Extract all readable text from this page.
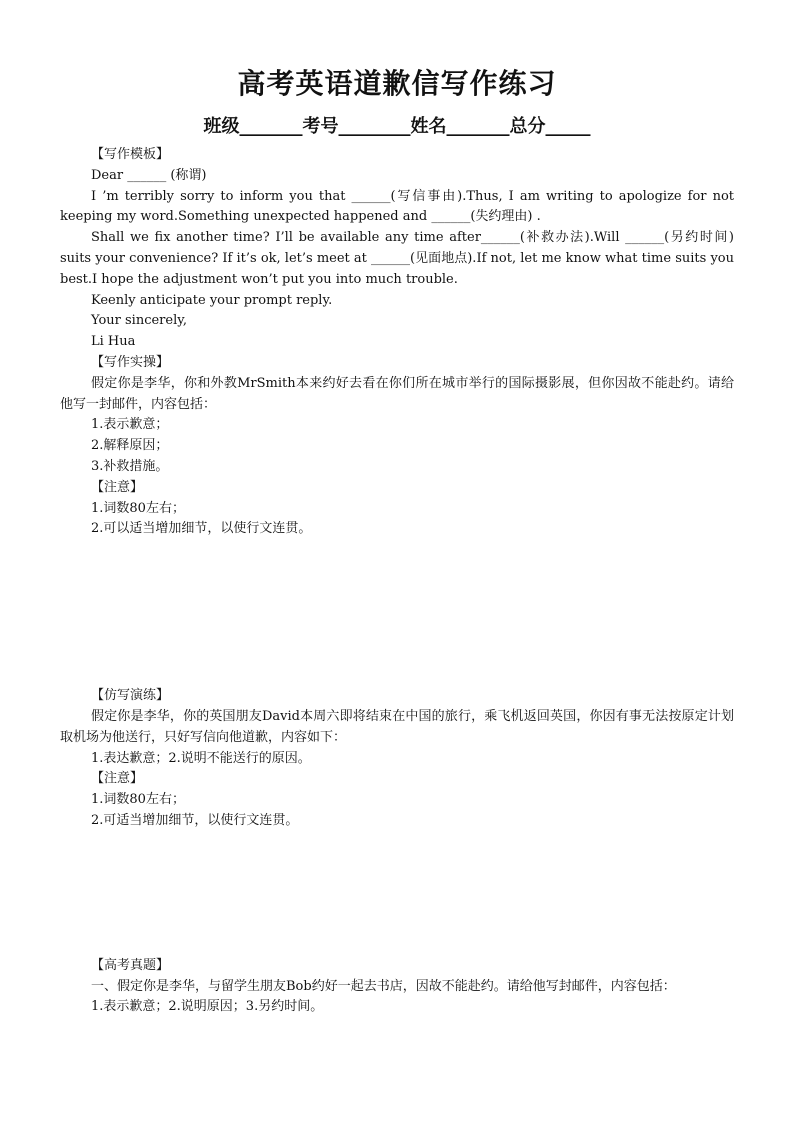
高考英语道歉信写作练习
班级_______考号________姓名_______总分_____

【写作模板】

Dear ______ (称谓)

I ’m terribly sorry to inform you that ______(写信事由).Thus, I am writing to apologize for not keeping my word.Something unexpected happened and ______(失约理由) .

Shall we fix another time? I’ll be available any time after______(补救办法).Will ______(另约时间) suits your convenience? If it’s ok, let’s meet at ______(见面地点).If not, let me know what time suits you best.I hope the adjustment won’t put you into much trouble.

Keenly anticipate your prompt reply.

Your sincerely,

Li Hua

【写作实操】

假定你是李华，你和外教MrSmith本来约好去看在你们所在城市举行的国际摄影展，但你因故不能赴约。请给他写一封邮件，内容包括：

1.表示歉意；

2.解释原因；

3.补救措施。

【注意】

1.词数80左右；

2.可以适当增加细节，以使行文连贯。

【仿写演练】

假定你是李华，你的英国朋友David本周六即将结束在中国的旅行，乘飞机返回英国，你因有事无法按原定计划取机场为他送行，只好写信向他道歉，内容如下：

1.表达歉意；2.说明不能送行的原因。

【注意】

1.词数80左右；

2.可适当增加细节，以使行文连贯。

【高考真题】

一、假定你是李华，与留学生朋友Bob约好一起去书店，因故不能赴约。请给他写封邮件，内容包括：

1.表示歉意；2.说明原因；3.另约时间。
